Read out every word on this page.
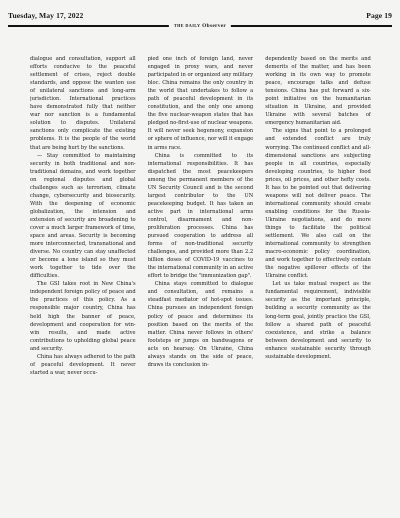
Tuesday, May 17, 2022	Page 19
THE DAILY Observer

dialogue and consultation, support all efforts conducive to the peaceful settlement of crises, reject double standards, and oppose the wanton use of unilateral sanctions and long-arm jurisdiction. International practices have demonstrated fully that neither war nor sanction is a fundamental solution to disputes. Unilateral sanctions only complicate the existing problems. It is the people of the world that are being hurt by the sanctions.

— Stay committed to maintaining security in both traditional and non-traditional domains, and work together on regional disputes and global challenges such as terrorism, climate change, cybersecurity and biosecurity. With the deepening of economic globalization, the intension and extension of security are broadening to cover a much larger framework of time, space and areas. Security is becoming more interconnected, transnational and diverse. No country can stay unaffected or become a lone island so they must work together to tide over the difficulties.

The GSI takes root in New China's independent foreign policy of peace and the practices of this policy. As a responsible major country, China has held high the banner of peace, development and cooperation for win-win results, and made active contributions to upholding global peace and security.

China has always adhered to the path of peaceful development. It never started a war, never occu-

pied one inch of foreign land, never engaged in proxy wars, and never participated in or organized any military bloc. China remains the only country in the world that undertakes to follow a path of peaceful development in its constitution, and the only one among the five nuclear-weapon states that has pledged no-first-use of nuclear weapons. It will never seek hegemony, expansion or sphere of influence, nor will it engage in arms race.

China is committed to its international responsibilities. It has dispatched the most peacekeepers among the permanent members of the UN Security Council and is the second largest contributor to the UN peacekeeping budget. It has taken an active part in international arms control, disarmament and non-proliferation processes. China has pursued cooperation to address all forms of non-traditional security challenges, and provided more than 2.2 billion doses of COVID-19 vaccines to the international community in an active effort to bridge the "immunization gap".

China stays committed to dialogue and consultation, and remains a steadfast mediator of hot-spot issues. China pursues an independent foreign policy of peace and determines its position based on the merits of the matter. China never follows in others' footsteps or jumps on bandwagons or acts on hearsay. On Ukraine, China always stands on the side of peace, draws its conclusion in-

dependently based on the merits and demerits of the matter, and has been working in its own way to promote peace, encourage talks and defuse tensions. China has put forward a six-point initiative on the humanitarian situation in Ukraine, and provided Ukraine with several batches of emergency humanitarian aid.

The signs that point to a prolonged and extended conflict are truly worrying. The continued conflict and all-dimensional sanctions are subjecting people in all countries, especially developing countries, to higher food prices, oil prices, and other hefty costs. It has to be pointed out that delivering weapons will not deliver peace. The international community should create enabling conditions for the Russia-Ukraine negotiations, and do more things to facilitate the political settlement. We also call on the international community to strengthen macro-economic policy coordination, and work together to effectively contain the negative spillover effects of the Ukraine conflict.

Let us take mutual respect as the fundamental requirement, indivisible security as the important principle, building a security community as the long-term goal, jointly practice the GSI, follow a shared path of peaceful coexistence, and strike a balance between development and security to enhance sustainable security through sustainable development.
